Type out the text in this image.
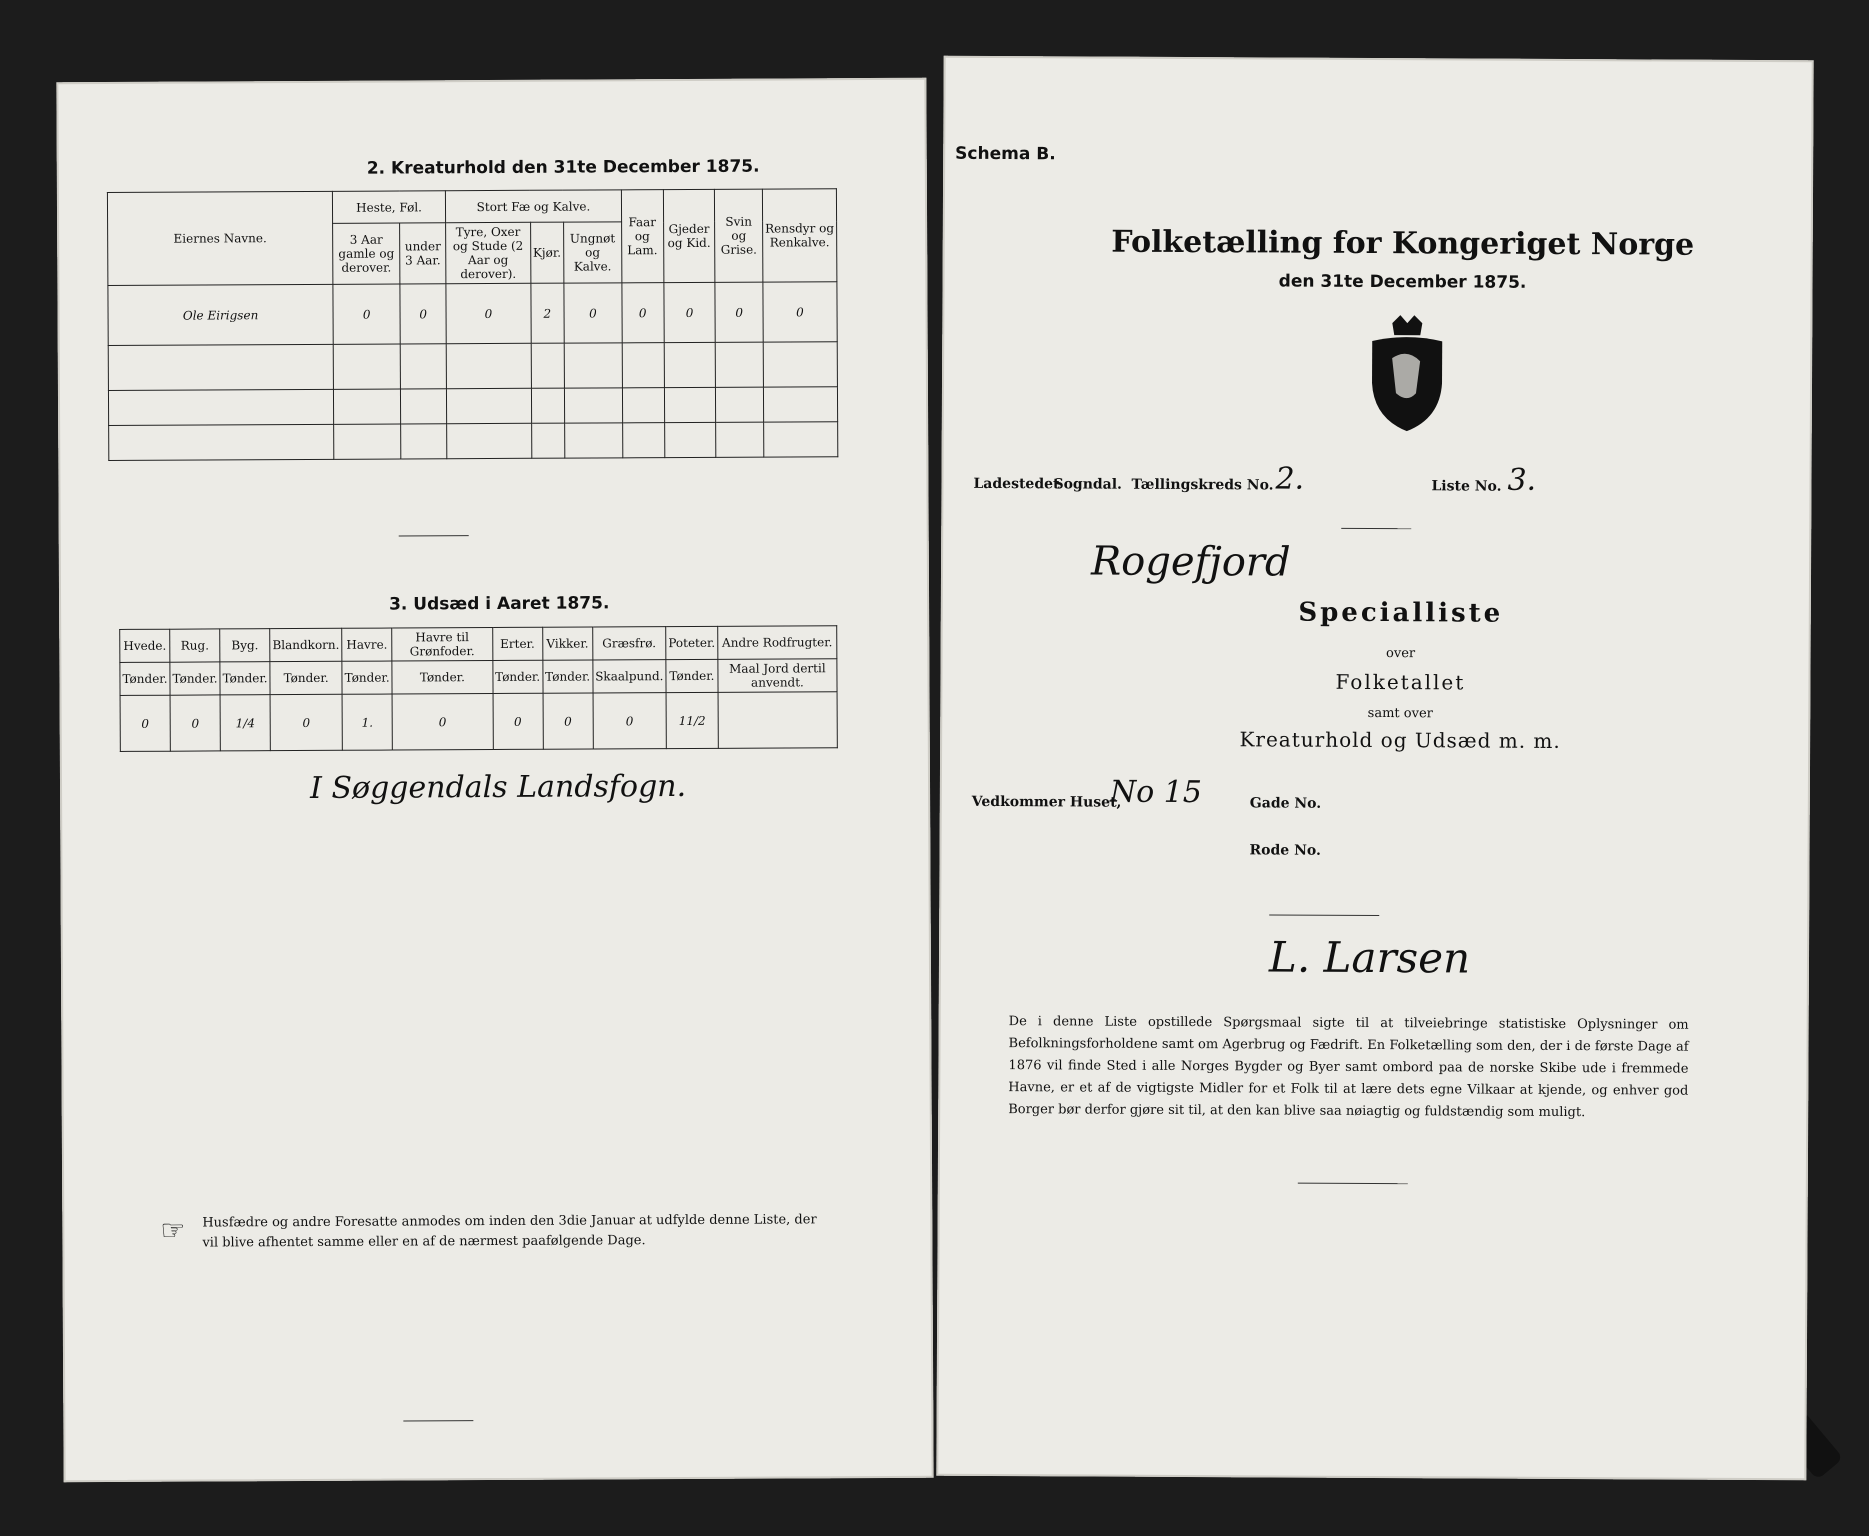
2. Kreaturhold den 31te December 1875.
Eiernes Navne.	Heste, Føl.		Stort Fæ og Kalve.			Faar og Lam.	Gjeder og Kid.	Svin og Grise.	Rensdyr og Renkalve.
	3 Aar gamle og derover.	under 3 Aar.	Tyre, Oxer og Stude (2 Aar og derover).	Kjør.	Ungnøt og Kalve.				
Ole Eirigsen	0	0	0	2	0	0	0	0	0

3. Udsæd i Aaret 1875.
Hvede.	Rug.	Byg.	Blandkorn.	Havre.	Havre til Grønfoder.	Erter.	Vikker.	Græsfrø.	Poteter.	Andre Rodfrugter.
Tønder.	Tønder.	Tønder.	Tønder.	Tønder.	Tønder.	Tønder.	Tønder.	Skaalpund.	Tønder.	Maal Jord dertil anvendt.
0	0	1/4	0	1.	0	0	0	0	11/2	
I Søggendals Landsfogn.
☞ Husfædre og andre Foresatte anmodes om inden den 3die Januar at udfylde denne Liste, der vil blive afhentet samme eller en af de nærmest paafølgende Dage.
Schema B.
Folketælling for Kongeriget Norge
den 31te December 1875.
Ladestedet
Sogndal. Tællingskreds No. 2.	Liste No. 3.
Rogefjord
Specialliste
over
Folketallet
samt over
Kreaturhold og Udsæd m. m.
Vedkommer Huset,
No 15	Gade No.
Rode No.
L. Larsen
De i denne Liste opstillede Spørgsmaal sigte til at tilveiebringe statistiske Oplysninger om Befolkningsforholdene samt om Agerbrug og Fædrift. En Folketælling som den, der i de første Dage af 1876 vil finde Sted i alle Norges Bygder og Byer samt ombord paa de norske Skibe ude i fremmede Havne, er et af de vigtigste Midler for et Folk til at lære dets egne Vilkaar at kjende, og enhver god Borger bør derfor gjøre sit til, at den kan blive saa nøiagtig og fuldstændig som muligt.
